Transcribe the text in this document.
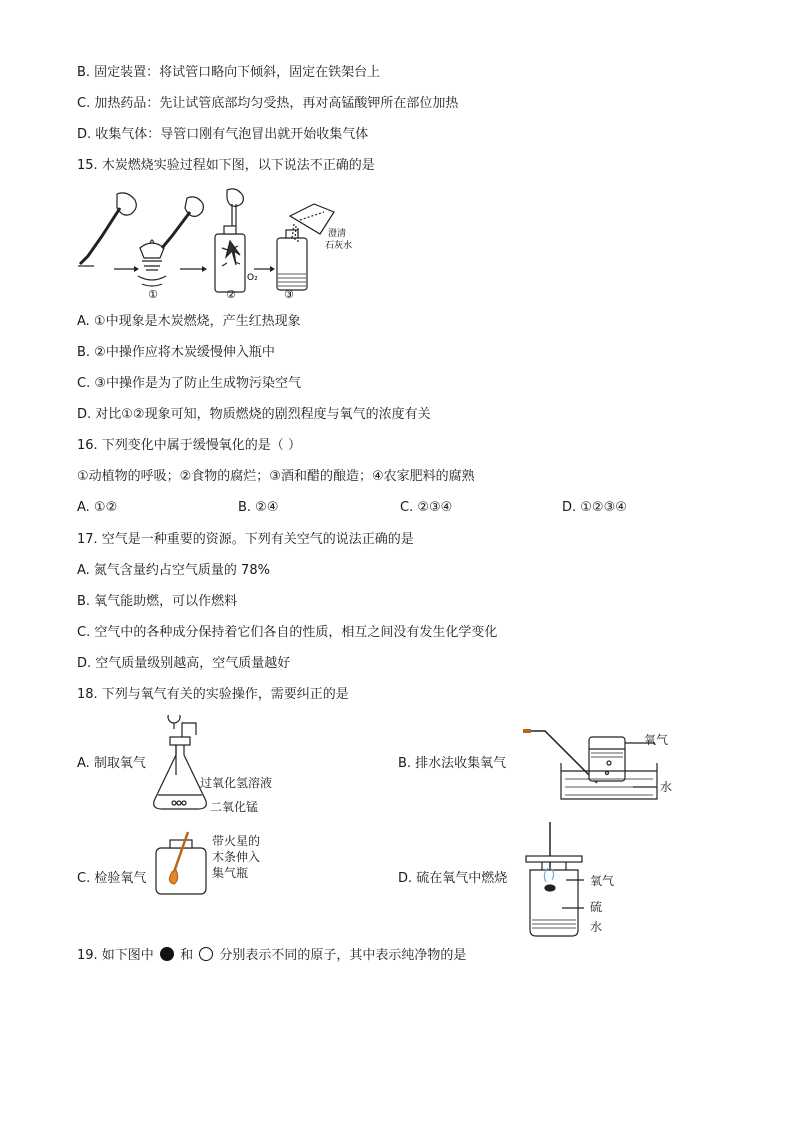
B. 固定装置：将试管口略向下倾斜，固定在铁架台上
C. 加热药品：先让试管底部均匀受热，再对高锰酸钾所在部位加热
D. 收集气体：导管口刚有气泡冒出就开始收集气体
15. 木炭燃烧实验过程如下图，以下说法不正确的是
①
O₂
②
澄清
石灰水
③
A. ①中现象是木炭燃烧，产生红热现象
B. ②中操作应将木炭缓慢伸入瓶中
C. ③中操作是为了防止生成物污染空气
D. 对比①②现象可知，物质燃烧的剧烈程度与氧气的浓度有关
16. 下列变化中属于缓慢氧化的是（ ）
①动植物的呼吸；②食物的腐烂；③酒和醋的酿造；④农家肥料的腐熟
A. ①②	B. ②④	C. ②③④	D. ①②③④
17. 空气是一种重要的资源。下列有关空气的说法正确的是
A. 氮气含量约占空气质量的 78%
B. 氧气能助燃，可以作燃料
C. 空气中的各种成分保持着它们各自的性质，相互之间没有发生化学变化
D. 空气质量级别越高，空气质量越好
18. 下列与氧气有关的实验操作，需要纠正的是
A. 制取氧气
过氧化氢溶液
二氧化锰
B. 排水法收集氧气
氧气
水
C. 检验氧气
带火星的
木条伸入
集气瓶	D. 硫在氧气中燃烧	氧气
硫
水
19. 如下图中 和 分别表示不同的原子，其中表示纯净物的是
